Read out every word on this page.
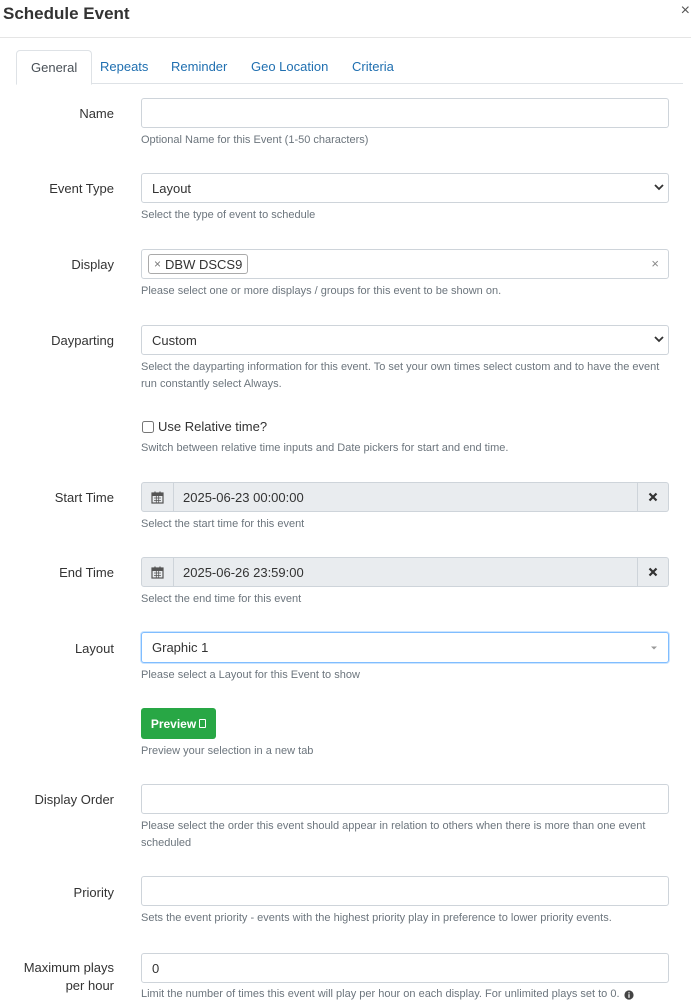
Schedule Event	×
General	Repeats	Reminder	Geo Location	Criteria
Name
Optional Name for this Event (1-50 characters)
Event Type	Layout
Select the type of event to schedule
Display	× DBW DSCS9	×
Please select one or more displays / groups for this event to be shown on.
Dayparting	Custom
Select the dayparting information for this event. To set your own times select custom and to have the event run constantly select Always.
Use Relative time?
Switch between relative time inputs and Date pickers for start and end time.
Start Time	2025-06-23 00:00:00
Select the start time for this event
End Time	2025-06-26 23:59:00
Select the end time for this event
Layout	Graphic 1
Please select a Layout for this Event to show
Preview
Preview your selection in a new tab
Display Order
Please select the order this event should appear in relation to others when there is more than one event scheduled
Priority
Sets the event priority - events with the highest priority play in preference to lower priority events.
Maximum plays per hour
0
Limit the number of times this event will play per hour on each display. For unlimited plays set to 0.
